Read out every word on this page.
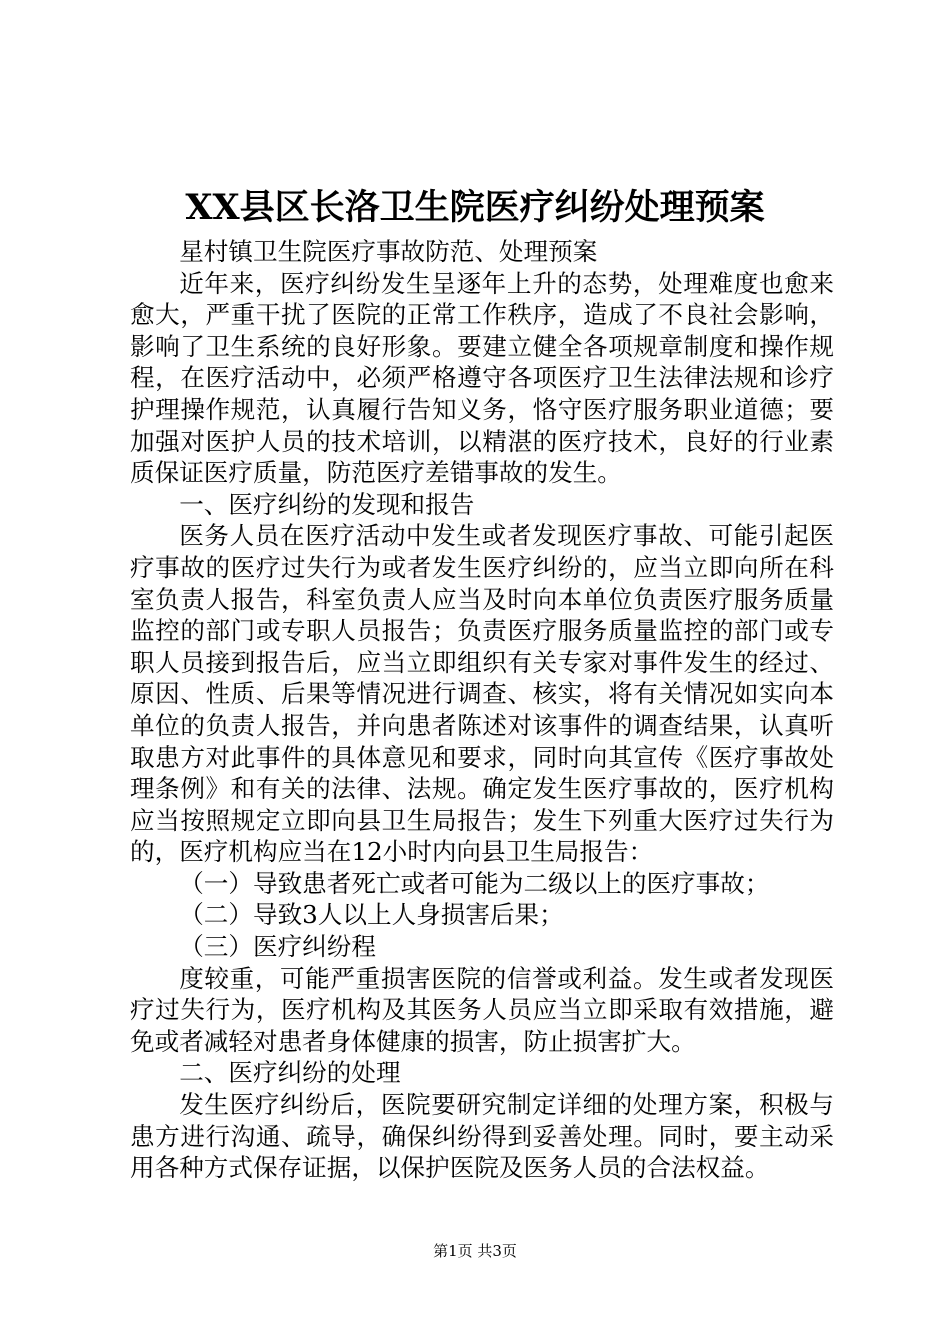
XX县区长洛卫生院医疗纠纷处理预案

星村镇卫生院医疗事故防范、处理预案

近年来，医疗纠纷发生呈逐年上升的态势，处理难度也愈来愈大，严重干扰了医院的正常工作秩序，造成了不良社会影响，影响了卫生系统的良好形象。要建立健全各项规章制度和操作规程，在医疗活动中，必须严格遵守各项医疗卫生法律法规和诊疗护理操作规范，认真履行告知义务，恪守医疗服务职业道德；要加强对医护人员的技术培训，以精湛的医疗技术，良好的行业素质保证医疗质量，防范医疗差错事故的发生。

一、医疗纠纷的发现和报告

医务人员在医疗活动中发生或者发现医疗事故、可能引起医疗事故的医疗过失行为或者发生医疗纠纷的，应当立即向所在科室负责人报告，科室负责人应当及时向本单位负责医疗服务质量监控的部门或专职人员报告；负责医疗服务质量监控的部门或专职人员接到报告后，应当立即组织有关专家对事件发生的经过、原因、性质、后果等情况进行调查、核实，将有关情况如实向本单位的负责人报告，并向患者陈述对该事件的调查结果，认真听取患方对此事件的具体意见和要求，同时向其宣传《医疗事故处理条例》和有关的法律、法规。确定发生医疗事故的，医疗机构应当按照规定立即向县卫生局报告；发生下列重大医疗过失行为的，医疗机构应当在12小时内向县卫生局报告：

（一）导致患者死亡或者可能为二级以上的医疗事故；

（二）导致3人以上人身损害后果；

（三）医疗纠纷程

度较重，可能严重损害医院的信誉或利益。发生或者发现医疗过失行为，医疗机构及其医务人员应当立即采取有效措施，避免或者减轻对患者身体健康的损害，防止损害扩大。

二、医疗纠纷的处理

发生医疗纠纷后，医院要研究制定详细的处理方案，积极与患方进行沟通、疏导，确保纠纷得到妥善处理。同时，要主动采用各种方式保存证据，以保护医院及医务人员的合法权益。

第1页 共3页
